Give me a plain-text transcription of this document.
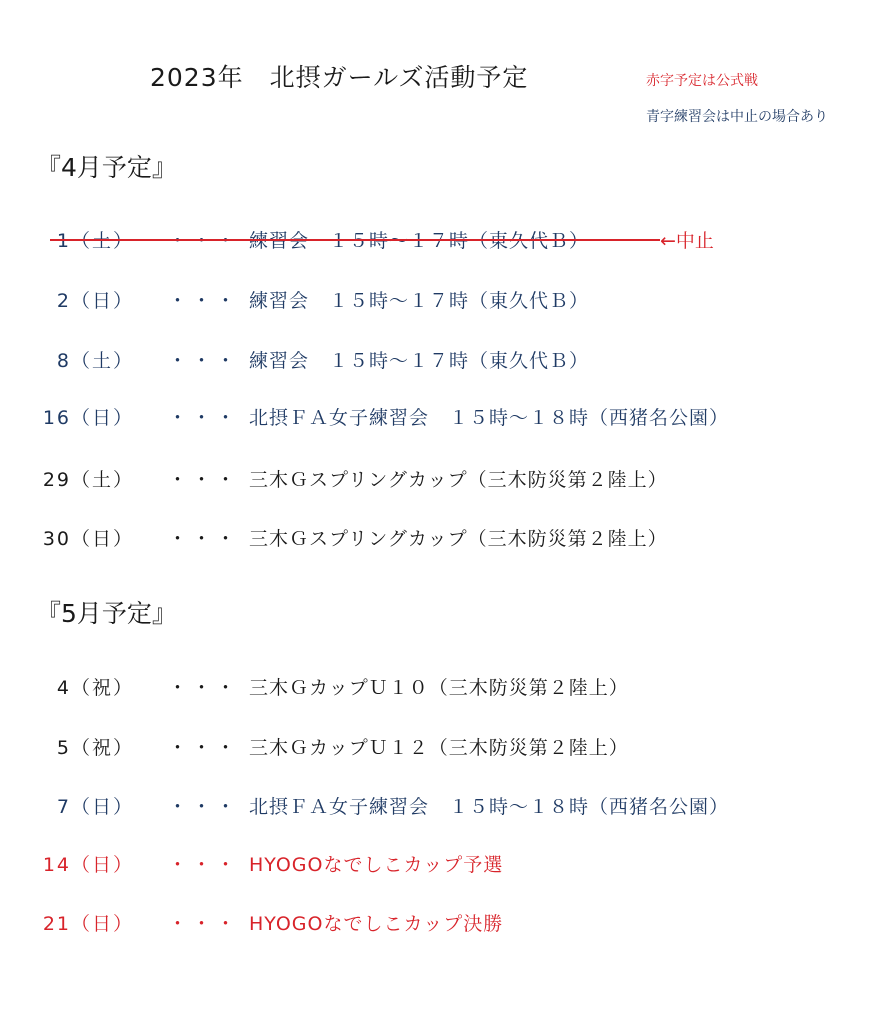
2023年　北摂ガールズ活動予定	赤字予定は公式戦
青字練習会は中止の場合あり
『4月予定』
1（土） ・・・ 練習会　１５時〜１７時（東久代Ｂ）	←中止
2（日） ・・・ 練習会　１５時〜１７時（東久代Ｂ）
8（土） ・・・ 練習会　１５時〜１７時（東久代Ｂ）
16（日） ・・・ 北摂ＦＡ女子練習会　１５時〜１８時（西猪名公園）
29（土） ・・・ 三木Ｇスプリングカップ（三木防災第２陸上）
30（日） ・・・ 三木Ｇスプリングカップ（三木防災第２陸上）
『5月予定』
4（祝） ・・・ 三木ＧカップＵ１０（三木防災第２陸上）
5（祝） ・・・ 三木ＧカップＵ１２（三木防災第２陸上）
7（日） ・・・ 北摂ＦＡ女子練習会　１５時〜１８時（西猪名公園）
14（日） ・・・ HYOGOなでしこカップ予選
21（日） ・・・ HYOGOなでしこカップ決勝
